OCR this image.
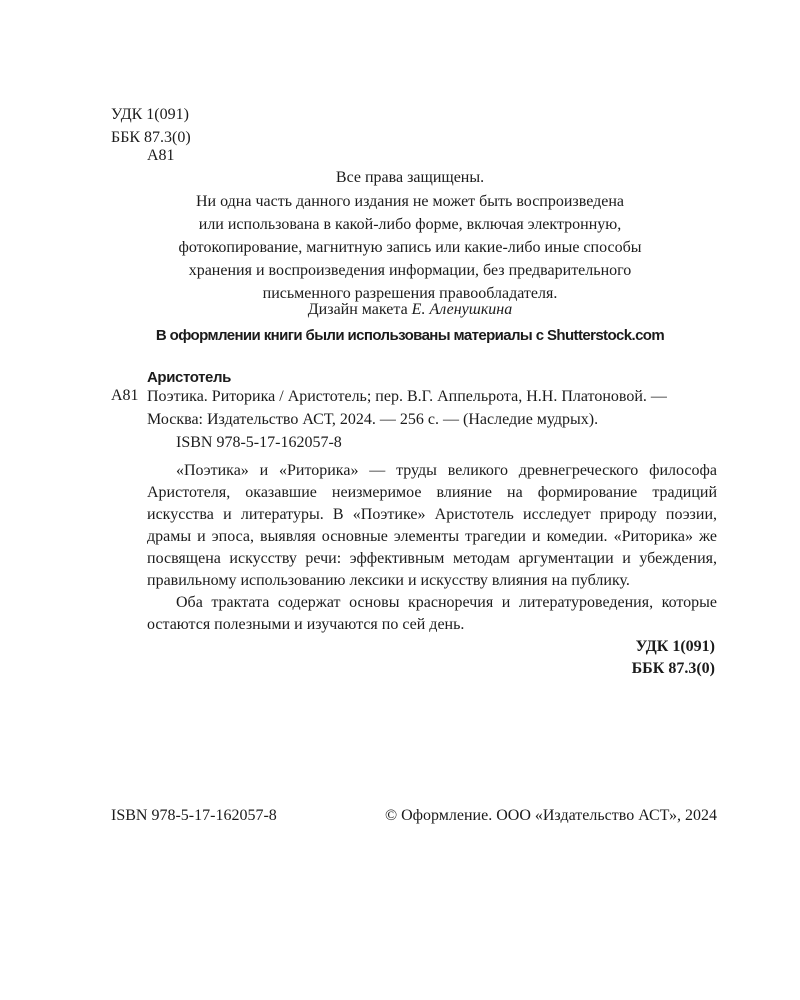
УДК 1(091)
ББК 87.3(0)
А81
Все права защищены.
Ни одна часть данного издания не может быть воспроизведена
или использована в какой-либо форме, включая электронную,
фотокопирование, магнитную запись или какие-либо иные способы
хранения и воспроизведения информации, без предварительного
письменного разрешения правообладателя.
Дизайн макета Е. Аленушкина
В оформлении книги были использованы материалы с Shutterstock.com
Аристотель
А81 Поэтика. Риторика / Аристотель; пер. В.Г. Аппельрота, Н.Н. Платоновой. —
Москва: Издательство АСТ, 2024. — 256 с. — (Наследие мудрых).
ISBN 978-5-17-162057-8

«Поэтика» и «Риторика» — труды великого древнегреческого философа Аристотеля, оказавшие неизмеримое влияние на формирование традиций искусства и литературы. В «Поэтике» Аристотель исследует природу поэзии, драмы и эпоса, выявляя основные элементы трагедии и комедии. «Риторика» же посвящена искусству речи: эффективным методам аргументации и убеждения, правильному использованию лексики и искусству влияния на публику.

Оба трактата содержат основы красноречия и литературоведения, которые остаются полезными и изучаются по сей день.

УДК 1(091)
ББК 87.3(0)
ISBN 978-5-17-162057-8	© Оформление. ООО «Издательство АСТ», 2024
